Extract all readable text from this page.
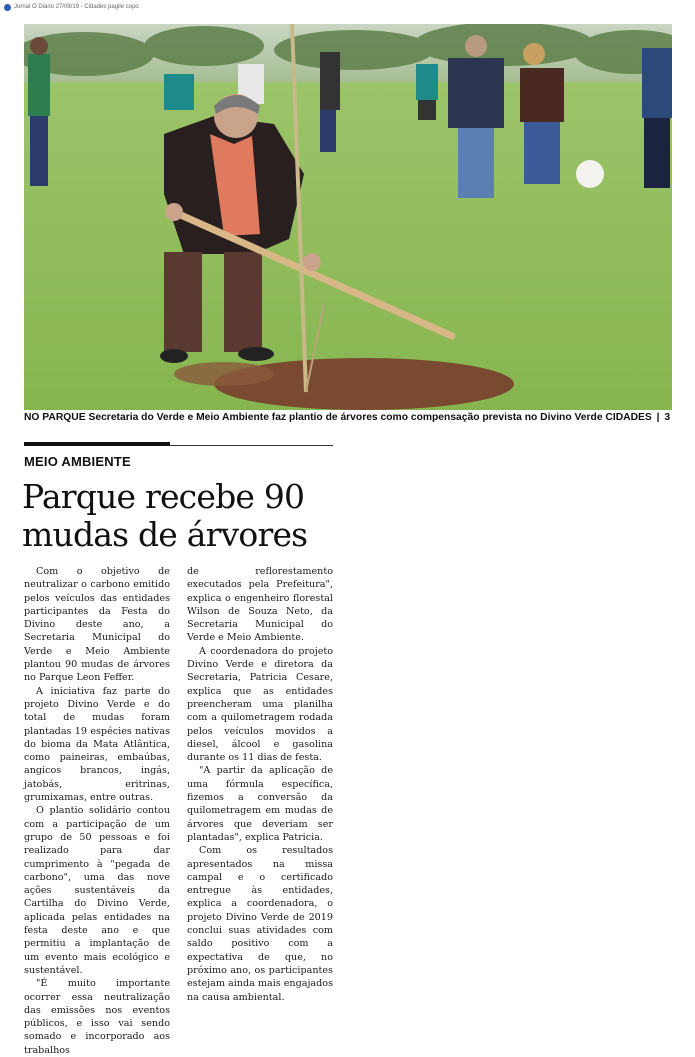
Jornal O Diário 27/08/19 - Cidades pagile copo
NO PARQUE Secretaria do Verde e Meio Ambiente faz plantio de árvores como compensação prevista no Divino Verde CIDADES | 3
MEIO AMBIENTE
Parque recebe 90 mudas de árvores

Com o objetivo de neutralizar o carbono emitido pelos veículos das entidades participantes da Festa do Divino deste ano, a Secretaria Municipal do Verde e Meio Ambiente plantou 90 mudas de árvores no Parque Leon Feffer.

A iniciativa faz parte do projeto Divino Verde e do total de mudas foram plantadas 19 espécies nativas do bioma da Mata Atlântica, como paineiras, embaúbas, angicos brancos, ingás, jatobás, eritrinas, grumixamas, entre outras.

O plantio solidário contou com a participação de um grupo de 50 pessoas e foi realizado para dar cumprimento à "pegada de carbono", uma das nove ações sustentáveis da Cartilha do Divino Verde, aplicada pelas entidades na festa deste ano e que permitiu a implantação de um evento mais ecológico e sustentável.

"É muito importante ocorrer essa neutralização das emissões nos eventos públicos, e isso vai sendo somado e incorporado aos trabalhos

de reflorestamento executados pela Prefeitura", explica o engenheiro florestal Wilson de Souza Neto, da Secretaria Municipal do Verde e Meio Ambiente.

A coordenadora do projeto Divino Verde e diretora da Secretaria, Patricia Cesare, explica que as entidades preencheram uma planilha com a quilometragem rodada pelos veículos movidos a diesel, álcool e gasolina durante os 11 dias de festa.

"A partir da aplicação de uma fórmula específica, fizemos a conversão da quilometragem em mudas de árvores que deveriam ser plantadas", explica Patricia.

Com os resultados apresentados na missa campal e o certificado entregue às entidades, explica a coordenadora, o projeto Divino Verde de 2019 conclui suas atividades com saldo positivo com a expectativa de que, no próximo ano, os participantes estejam ainda mais engajados na causa ambiental.
